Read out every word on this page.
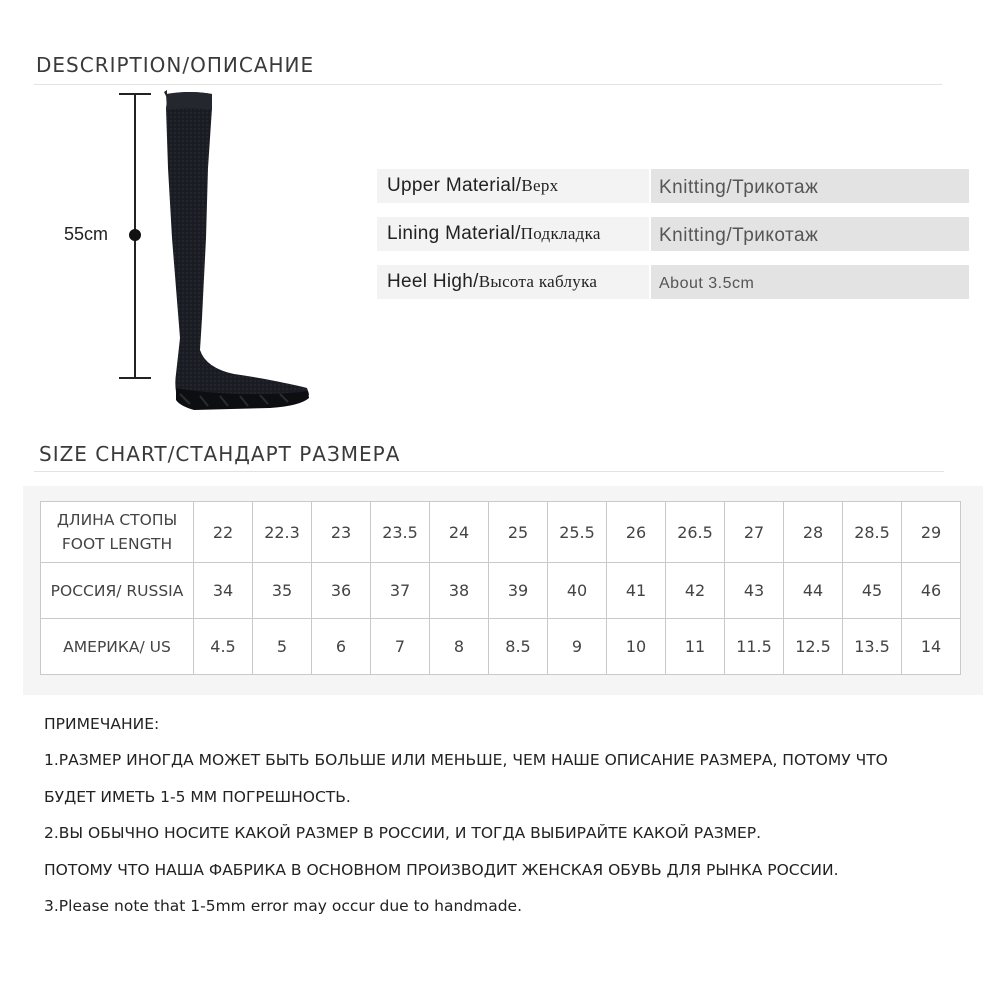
DESCRIPTION/ОПИСАНИЕ
55cm
Upper Material/Верх	Knitting/Трикотаж
Lining Material/Подкладка	Knitting/Трикотаж
Heel High/Высота каблука	About 3.5cm
SIZE CHART/СТАНДАРТ РАЗМЕРА
ДЛИНА СТОПЫ
FOOT LENGTH	22	22.3	23	23.5	24	25	25.5	26	26.5	27	28	28.5	29
РОССИЯ/ RUSSIA	34	35	36	37	38	39	40	41	42	43	44	45	46
АМЕРИКА/ US	4.5	5	6	7	8	8.5	9	10	11	11.5	12.5	13.5	14
ПРИМЕЧАНИЕ:
1.РАЗМЕР ИНОГДА МОЖЕТ БЫТЬ БОЛЬШЕ ИЛИ МЕНЬШЕ, ЧЕМ НАШЕ ОПИСАНИЕ РАЗМЕРА, ПОТОМУ ЧТО
БУДЕТ ИМЕТЬ 1-5 ММ ПОГРЕШНОСТЬ.
2.ВЫ ОБЫЧНО НОСИТЕ КАКОЙ РАЗМЕР В РОССИИ, И ТОГДА ВЫБИРАЙТЕ КАКОЙ РАЗМЕР.
ПОТОМУ ЧТО НАША ФАБРИКА В ОСНОВНОМ ПРОИЗВОДИТ ЖЕНСКАЯ ОБУВЬ ДЛЯ РЫНКА РОССИИ.
3.Please note that 1-5mm error may occur due to handmade.
